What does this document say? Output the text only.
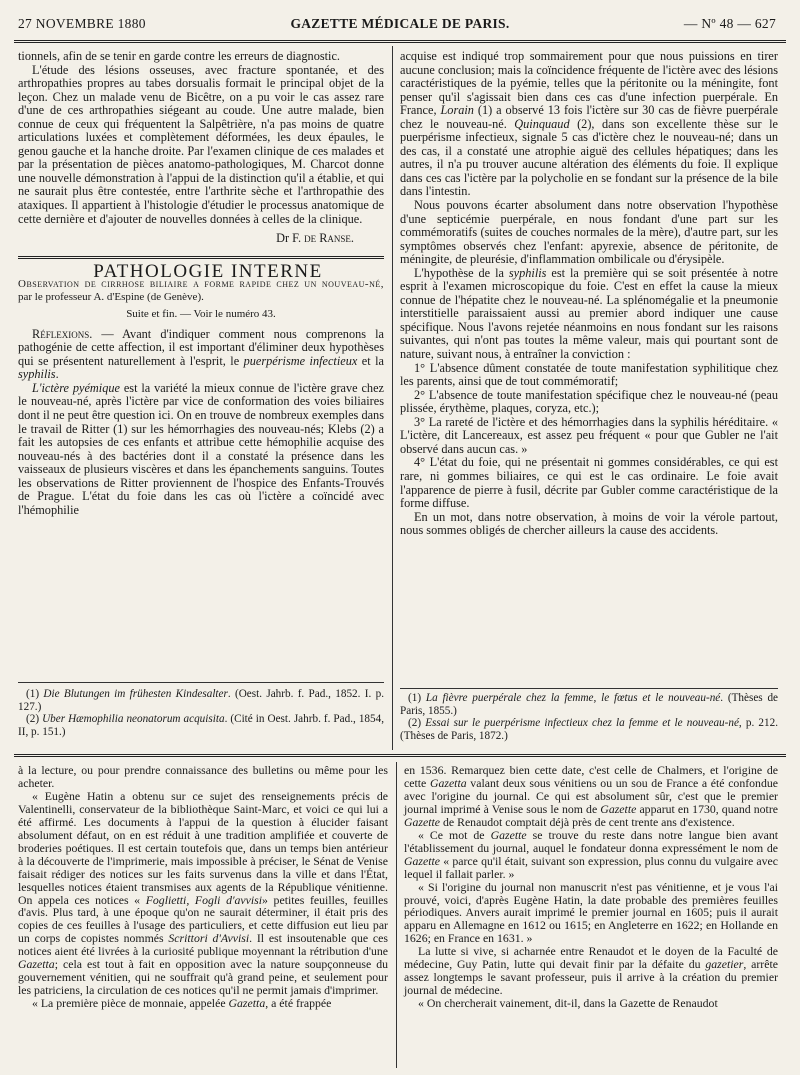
27 NOVEMBRE 1880	GAZETTE MÉDICALE DE PARIS.	— Nº 48 — 627

tionnels, afin de se tenir en garde contre les erreurs de diagnostic.

L'étude des lésions osseuses, avec fracture spontanée, et des arthropathies propres au tabes dorsualis formait le principal objet de la leçon. Chez un malade venu de Bicêtre, on a pu voir le cas assez rare d'une de ces arthropathies siégeant au coude. Une autre malade, bien connue de ceux qui fréquentent la Salpêtrière, n'a pas moins de quatre articulations luxées et complètement déformées, les deux épaules, le genou gauche et la hanche droite. Par l'examen clinique de ces malades et par la présentation de pièces anatomo-pathologiques, M. Charcot donne une nouvelle démonstration à l'appui de la distinction qu'il a établie, et qui ne saurait plus être contestée, entre l'arthrite sèche et l'arthropathie des ataxiques. Il appartient à l'histologie d'étudier le processus anatomique de cette dernière et d'ajouter de nouvelles données à celles de la clinique.

Dr F. de Ranse.

PATHOLOGIE INTERNE

Observation de cirrhose biliaire a forme rapide chez un nouveau-né, par le professeur A. d'Espine (de Genève).

Suite et fin. — Voir le numéro 43.

Réflexions. — Avant d'indiquer comment nous comprenons la pathogénie de cette affection, il est important d'éliminer deux hypothèses qui se présentent naturellement à l'esprit, le puerpérisme infectieux et la syphilis.

L'ictère pyémique est la variété la mieux connue de l'ictère grave chez le nouveau-né, après l'ictère par vice de conformation des voies biliaires dont il ne peut être question ici. On en trouve de nombreux exemples dans le travail de Ritter (1) sur les hémorrhagies des nouveau-nés; Klebs (2) a fait les autopsies de ces enfants et attribue cette hémophilie acquise des nouveau-nés à des bactéries dont il a constaté la présence dans les vaisseaux de plusieurs viscères et dans les épanchements sanguins. Toutes les observations de Ritter proviennent de l'hospice des Enfants-Trouvés de Prague. L'état du foie dans les cas où l'ictère a coïncidé avec l'hémophilie

(1) Die Blutungen im frühesten Kindesalter. (Oest. Jahrb. f. Pad., 1852. I. p. 127.)

(2) Uber Hæmophilia neonatorum acquisita. (Cité in Oest. Jahrb. f. Pad., 1854, II, p. 151.)

acquise est indiqué trop sommairement pour que nous puissions en tirer aucune conclusion; mais la coïncidence fréquente de l'ictère avec des lésions caractéristiques de la pyémie, telles que la péritonite ou la méningite, font penser qu'il s'agissait bien dans ces cas d'une infection puerpérale. En France, Lorain (1) a observé 13 fois l'ictère sur 30 cas de fièvre puerpérale chez le nouveau-né. Quinquaud (2), dans son excellente thèse sur le puerpérisme infectieux, signale 5 cas d'ictère chez le nouveau-né; dans un des cas, il a constaté une atrophie aiguë des cellules hépatiques; dans les autres, il n'a pu trouver aucune altération des éléments du foie. Il explique dans ces cas l'ictère par la polycholie en se fondant sur la présence de la bile dans l'intestin.

Nous pouvons écarter absolument dans notre observation l'hypothèse d'une septicémie puerpérale, en nous fondant d'une part sur les commémoratifs (suites de couches normales de la mère), d'autre part, sur les symptômes observés chez l'enfant: apyrexie, absence de péritonite, de méningite, de pleurésie, d'inflammation ombilicale ou d'érysipèle.

L'hypothèse de la syphilis est la première qui se soit présentée à notre esprit à l'examen microscopique du foie. C'est en effet la cause la mieux connue de l'hépatite chez le nouveau-né. La splénomégalie et la pneumonie interstitielle paraissaient aussi au premier abord indiquer une cause spécifique. Nous l'avons rejetée néanmoins en nous fondant sur les raisons suivantes, qui n'ont pas toutes la même valeur, mais qui pourtant sont de nature, suivant nous, à entraîner la conviction :

1° L'absence dûment constatée de toute manifestation syphilitique chez les parents, ainsi que de tout commémoratif;

2° L'absence de toute manifestation spécifique chez le nouveau-né (peau plissée, érythème, plaques, coryza, etc.);

3° La rareté de l'ictère et des hémorrhagies dans la syphilis héréditaire. « L'ictère, dit Lancereaux, est assez peu fréquent « pour que Gubler ne l'ait observé dans aucun cas. »

4° L'état du foie, qui ne présentait ni gommes considérables, ce qui est rare, ni gommes biliaires, ce qui est le cas ordinaire. Le foie avait l'apparence de pierre à fusil, décrite par Gubler comme caractéristique de la forme diffuse.

En un mot, dans notre observation, à moins de voir la vérole partout, nous sommes obligés de chercher ailleurs la cause des accidents.

(1) La fièvre puerpérale chez la femme, le fœtus et le nouveau-né. (Thèses de Paris, 1855.)

(2) Essai sur le puerpérisme infectieux chez la femme et le nouveau-né, p. 212. (Thèses de Paris, 1872.)

à la lecture, ou pour prendre connaissance des bulletins ou même pour les acheter.

« Eugène Hatin a obtenu sur ce sujet des renseignements précis de Valentinelli, conservateur de la bibliothèque Saint-Marc, et voici ce qui lui a été affirmé. Les documents à l'appui de la question à élucider faisant absolument défaut, on en est réduit à une tradition amplifiée et couverte de broderies poétiques. Il est certain toutefois que, dans un temps bien antérieur à la découverte de l'imprimerie, mais impossible à préciser, le Sénat de Venise faisait rédiger des notices sur les faits survenus dans la ville et dans l'État, lesquelles notices étaient transmises aux agents de la République vénitienne. On appela ces notices « Foglietti, Fogli d'avvisi» petites feuilles, feuilles d'avis. Plus tard, à une époque qu'on ne saurait déterminer, il était pris des copies de ces feuilles à l'usage des particuliers, et cette diffusion eut lieu par un corps de copistes nommés Scrittori d'Avvisi. Il est insoutenable que ces notices aient été livrées à la curiosité publique moyennant la rétribution d'une Gazetta; cela est tout à fait en opposition avec la nature soupçonneuse du gouvernement vénitien, qui ne souffrait qu'à grand peine, et seulement pour les patriciens, la circulation de ces notices qu'il ne permit jamais d'imprimer.

« La première pièce de monnaie, appelée Gazetta, a été frappée

en 1536. Remarquez bien cette date, c'est celle de Chalmers, et l'origine de cette Gazetta valant deux sous vénitiens ou un sou de France a été confondue avec l'origine du journal. Ce qui est absolument sûr, c'est que le premier journal imprimé à Venise sous le nom de Gazette apparut en 1730, quand notre Gazette de Renaudot comptait déjà près de cent trente ans d'existence.

« Ce mot de Gazette se trouve du reste dans notre langue bien avant l'établissement du journal, auquel le fondateur donna expressément le nom de Gazette « parce qu'il était, suivant son expression, plus connu du vulgaire avec lequel il fallait parler. »

« Si l'origine du journal non manuscrit n'est pas vénitienne, et je vous l'ai prouvé, voici, d'après Eugène Hatin, la date probable des premières feuilles périodiques. Anvers aurait imprimé le premier journal en 1605; puis il aurait apparu en Allemagne en 1612 ou 1615; en Angleterre en 1622; en Hollande en 1626; en France en 1631. »

La lutte si vive, si acharnée entre Renaudot et le doyen de la Faculté de médecine, Guy Patin, lutte qui devait finir par la défaite du gazetier, arrête assez longtemps le savant professeur, puis il arrive à la création du premier journal de médecine.

« On chercherait vainement, dit-il, dans la Gazette de Renaudot
